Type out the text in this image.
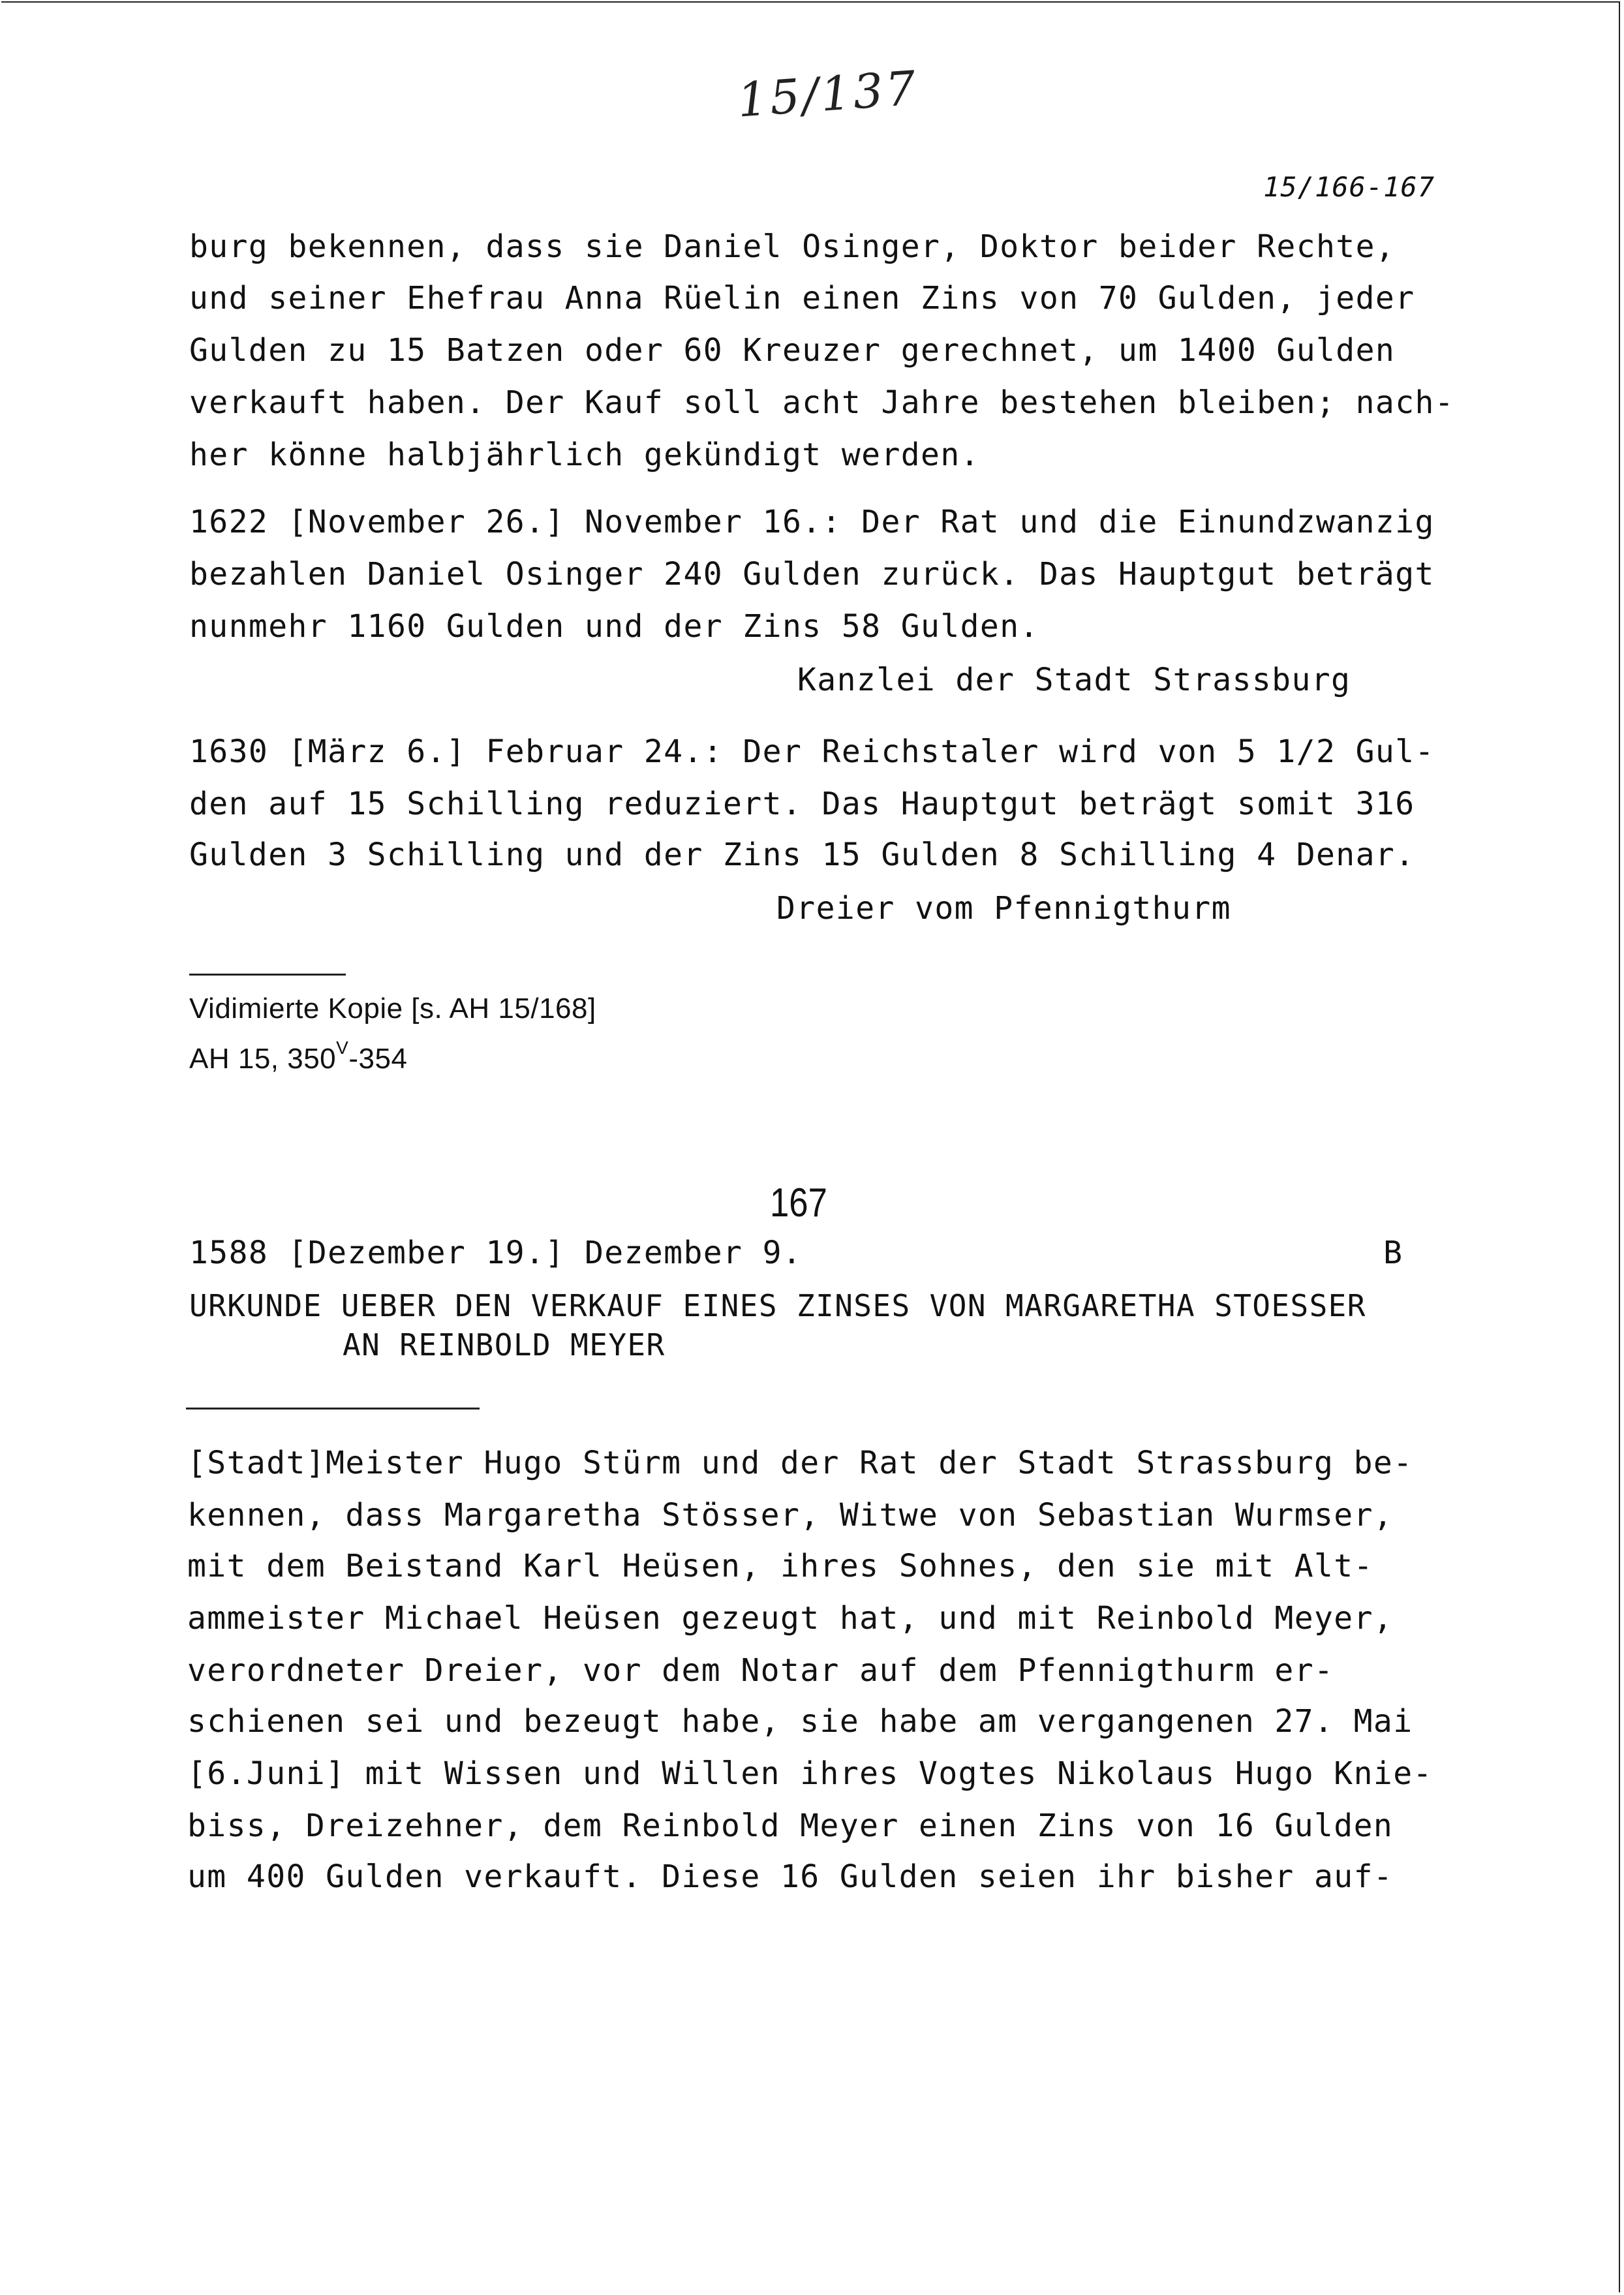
15/137
15/166-167
burg bekennen, dass sie Daniel Osinger, Doktor beider Rechte,
und seiner Ehefrau Anna Rüelin einen Zins von 70 Gulden, jeder
Gulden zu 15 Batzen oder 60 Kreuzer gerechnet, um 1400 Gulden
verkauft haben. Der Kauf soll acht Jahre bestehen bleiben; nach-
her könne halbjährlich gekündigt werden.
1622 [November 26.] November 16.: Der Rat und die Einundzwanzig
bezahlen Daniel Osinger 240 Gulden zurück. Das Hauptgut beträgt
nunmehr 1160 Gulden und der Zins 58 Gulden.
Kanzlei der Stadt Strassburg
1630 [März 6.] Februar 24.: Der Reichstaler wird von 5 1/2 Gul-
den auf 15 Schilling reduziert. Das Hauptgut beträgt somit 316
Gulden 3 Schilling und der Zins 15 Gulden 8 Schilling 4 Denar.
Dreier vom Pfennigthurm
Vidimierte Kopie [s. AH 15/168]
AH 15, $350^V-354$
167
1588 [Dezember 19.] Dezember 9.	B
URKUNDE UEBER DEN VERKAUF EINES ZINSES VON MARGARETHA STOESSER
AN REINBOLD MEYER
[Stadt]Meister Hugo Stürm und der Rat der Stadt Strassburg be-
kennen, dass Margaretha Stösser, Witwe von Sebastian Wurmser,
mit dem Beistand Karl Heüsen, ihres Sohnes, den sie mit Alt-
ammeister Michael Heüsen gezeugt hat, und mit Reinbold Meyer,
verordneter Dreier, vor dem Notar auf dem Pfennigthurm er-
schienen sei und bezeugt habe, sie habe am vergangenen 27. Mai
[6.Juni] mit Wissen und Willen ihres Vogtes Nikolaus Hugo Knie-
biss, Dreizehner, dem Reinbold Meyer einen Zins von 16 Gulden
um 400 Gulden verkauft. Diese 16 Gulden seien ihr bisher auf-
